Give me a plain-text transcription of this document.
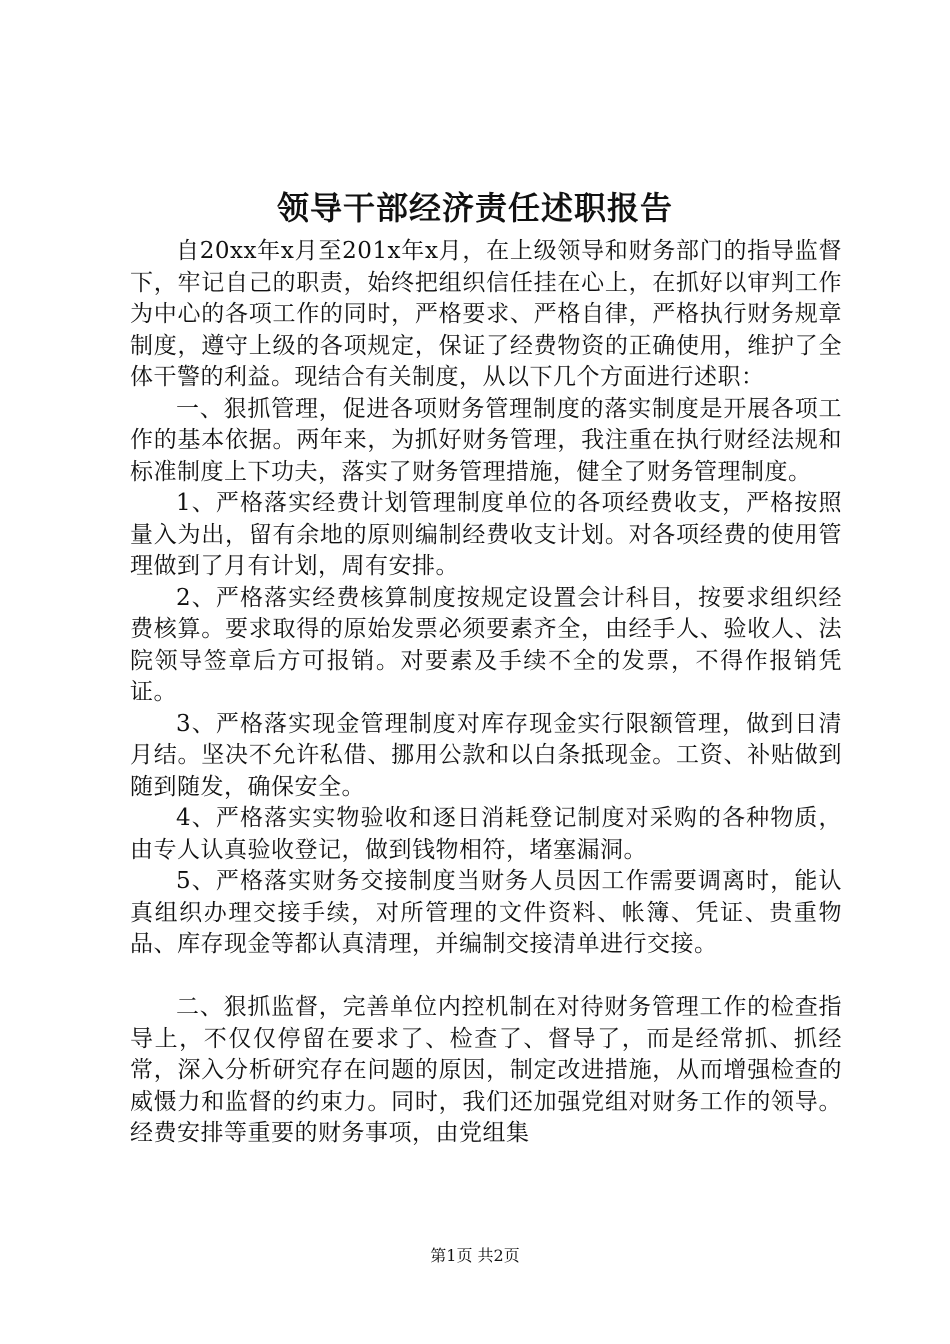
领导干部经济责任述职报告

自20xx年x月至201x年x月，在上级领导和财务部门的指导监督下，牢记自己的职责，始终把组织信任挂在心上，在抓好以审判工作为中心的各项工作的同时，严格要求、严格自律，严格执行财务规章制度，遵守上级的各项规定，保证了经费物资的正确使用，维护了全体干警的利益。现结合有关制度，从以下几个方面进行述职：

一、狠抓管理，促进各项财务管理制度的落实制度是开展各项工作的基本依据。两年来，为抓好财务管理，我注重在执行财经法规和标准制度上下功夫，落实了财务管理措施，健全了财务管理制度。

1、严格落实经费计划管理制度单位的各项经费收支，严格按照量入为出，留有余地的原则编制经费收支计划。对各项经费的使用管理做到了月有计划，周有安排。

2、严格落实经费核算制度按规定设置会计科目，按要求组织经费核算。要求取得的原始发票必须要素齐全，由经手人、验收人、法院领导签章后方可报销。对要素及手续不全的发票，不得作报销凭证。

3、严格落实现金管理制度对库存现金实行限额管理，做到日清月结。坚决不允许私借、挪用公款和以白条抵现金。工资、补贴做到随到随发，确保安全。

4、严格落实实物验收和逐日消耗登记制度对采购的各种物质，由专人认真验收登记，做到钱物相符，堵塞漏洞。

5、严格落实财务交接制度当财务人员因工作需要调离时，能认真组织办理交接手续，对所管理的文件资料、帐簿、凭证、贵重物品、库存现金等都认真清理，并编制交接清单进行交接。

二、狠抓监督，完善单位内控机制在对待财务管理工作的检查指导上，不仅仅停留在要求了、检查了、督导了，而是经常抓、抓经常，深入分析研究存在问题的原因，制定改进措施，从而增强检查的威慑力和监督的约束力。同时，我们还加强党组对财务工作的领导。经费安排等重要的财务事项，由党组集

第1页 共2页
